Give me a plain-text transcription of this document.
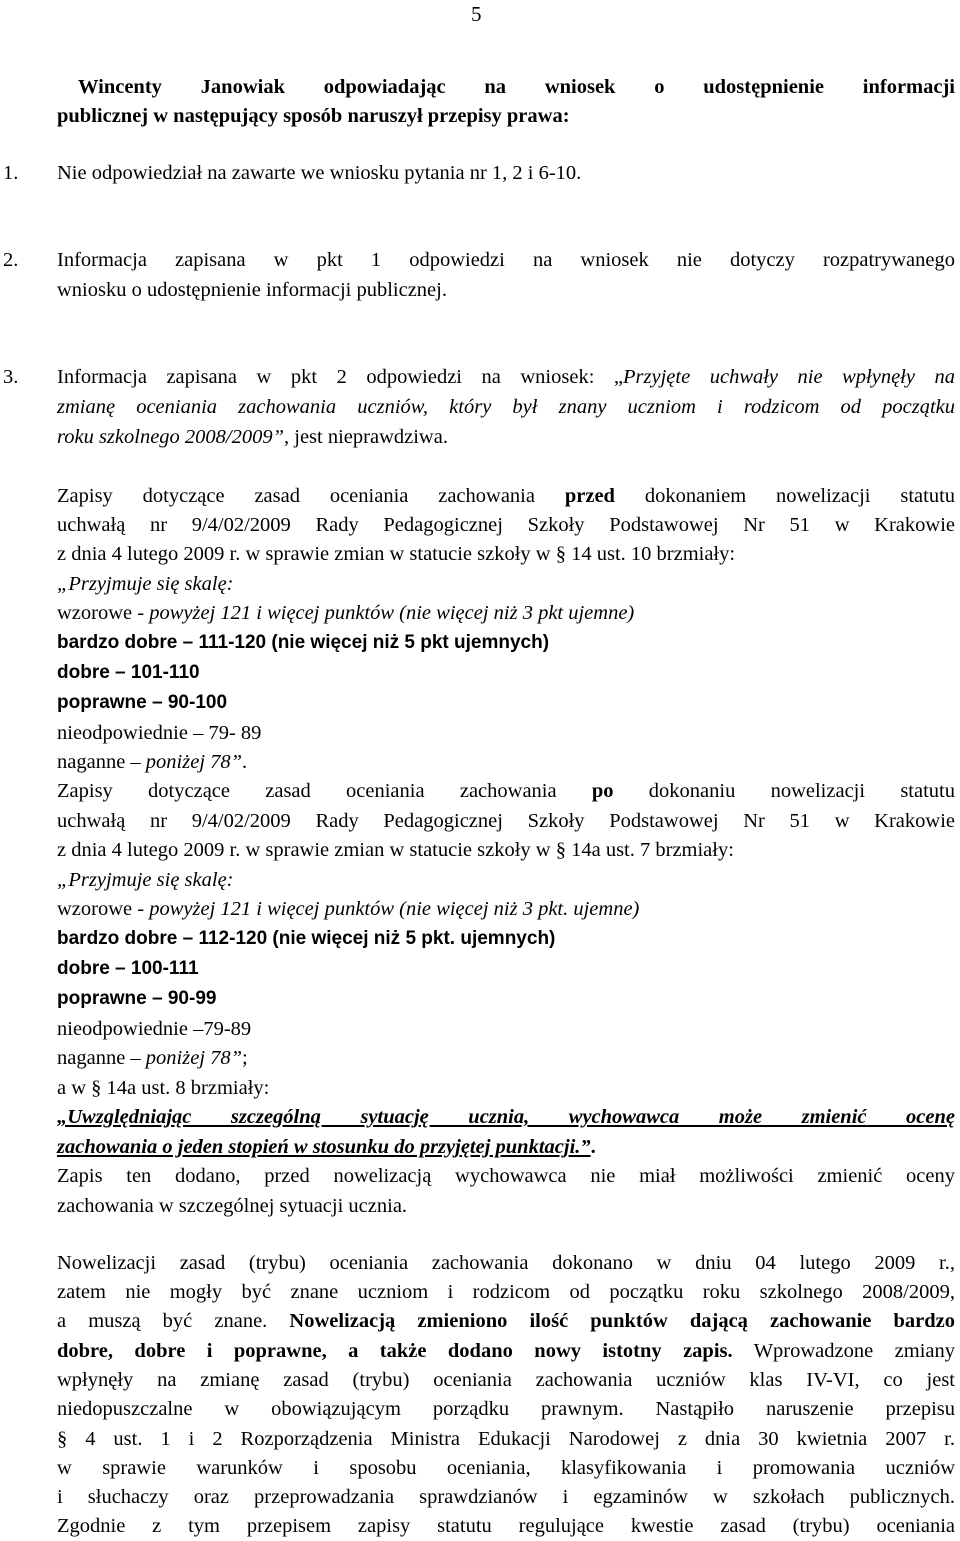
5
Wincenty Janowiak odpowiadając na wniosek o udostępnienie informacji
publicznej w następujący sposób naruszył przepisy prawa:
1. Nie odpowiedział na zawarte we wniosku pytania nr 1, 2 i 6-10.
2. Informacja zapisana w pkt 1 odpowiedzi na wniosek nie dotyczy rozpatrywanego
wniosku o udostępnienie informacji publicznej.
3. Informacja zapisana w pkt 2 odpowiedzi na wniosek: „Przyjęte uchwały nie wpłynęły na
zmianę oceniania zachowania uczniów, który był znany uczniom i rodzicom od początku
roku szkolnego 2008/2009”, jest nieprawdziwa.
Zapisy dotyczące zasad oceniania zachowania przed dokonaniem nowelizacji statutu
uchwałą nr 9/4/02/2009 Rady Pedagogicznej Szkoły Podstawowej Nr 51 w Krakowie
z dnia 4 lutego 2009 r. w sprawie zmian w statucie szkoły w § 14 ust. 10 brzmiały:
„Przyjmuje się skalę:
wzorowe - powyżej 121 i więcej punktów (nie więcej niż 3 pkt ujemne)
bardzo dobre – 111-120 (nie więcej niż 5 pkt ujemnych)
dobre – 101-110
poprawne – 90-100
nieodpowiednie – 79- 89
naganne – poniżej 78”.
Zapisy dotyczące zasad oceniania zachowania po dokonaniu nowelizacji statutu
uchwałą nr 9/4/02/2009 Rady Pedagogicznej Szkoły Podstawowej Nr 51 w Krakowie
z dnia 4 lutego 2009 r. w sprawie zmian w statucie szkoły w § 14a ust. 7 brzmiały:
„Przyjmuje się skalę:
wzorowe - powyżej 121 i więcej punktów (nie więcej niż 3 pkt. ujemne)
bardzo dobre – 112-120 (nie więcej niż 5 pkt. ujemnych)
dobre – 100-111
poprawne – 90-99
nieodpowiednie –79-89
naganne – poniżej 78”;
a w § 14a ust. 8 brzmiały:
„Uwzględniając szczególną sytuację ucznia, wychowawca może zmienić ocenę
zachowania o jeden stopień w stosunku do przyjętej punktacji.”.
Zapis ten dodano, przed nowelizacją wychowawca nie miał możliwości zmienić oceny
zachowania w szczególnej sytuacji ucznia.
Nowelizacji zasad (trybu) oceniania zachowania dokonano w dniu 04 lutego 2009 r.,
zatem nie mogły być znane uczniom i rodzicom od początku roku szkolnego 2008/2009,
a muszą być znane. Nowelizacją zmieniono ilość punktów dającą zachowanie bardzo
dobre, dobre i poprawne, a także dodano nowy istotny zapis. Wprowadzone zmiany
wpłynęły na zmianę zasad (trybu) oceniania zachowania uczniów klas IV-VI, co jest
niedopuszczalne w obowiązującym porządku prawnym. Nastąpiło naruszenie przepisu
§ 4 ust. 1 i 2 Rozporządzenia Ministra Edukacji Narodowej z dnia 30 kwietnia 2007 r.
w sprawie warunków i sposobu oceniania, klasyfikowania i promowania uczniów
i słuchaczy oraz przeprowadzania sprawdzianów i egzaminów w szkołach publicznych.
Zgodnie z tym przepisem zapisy statutu regulujące kwestie zasad (trybu) oceniania
